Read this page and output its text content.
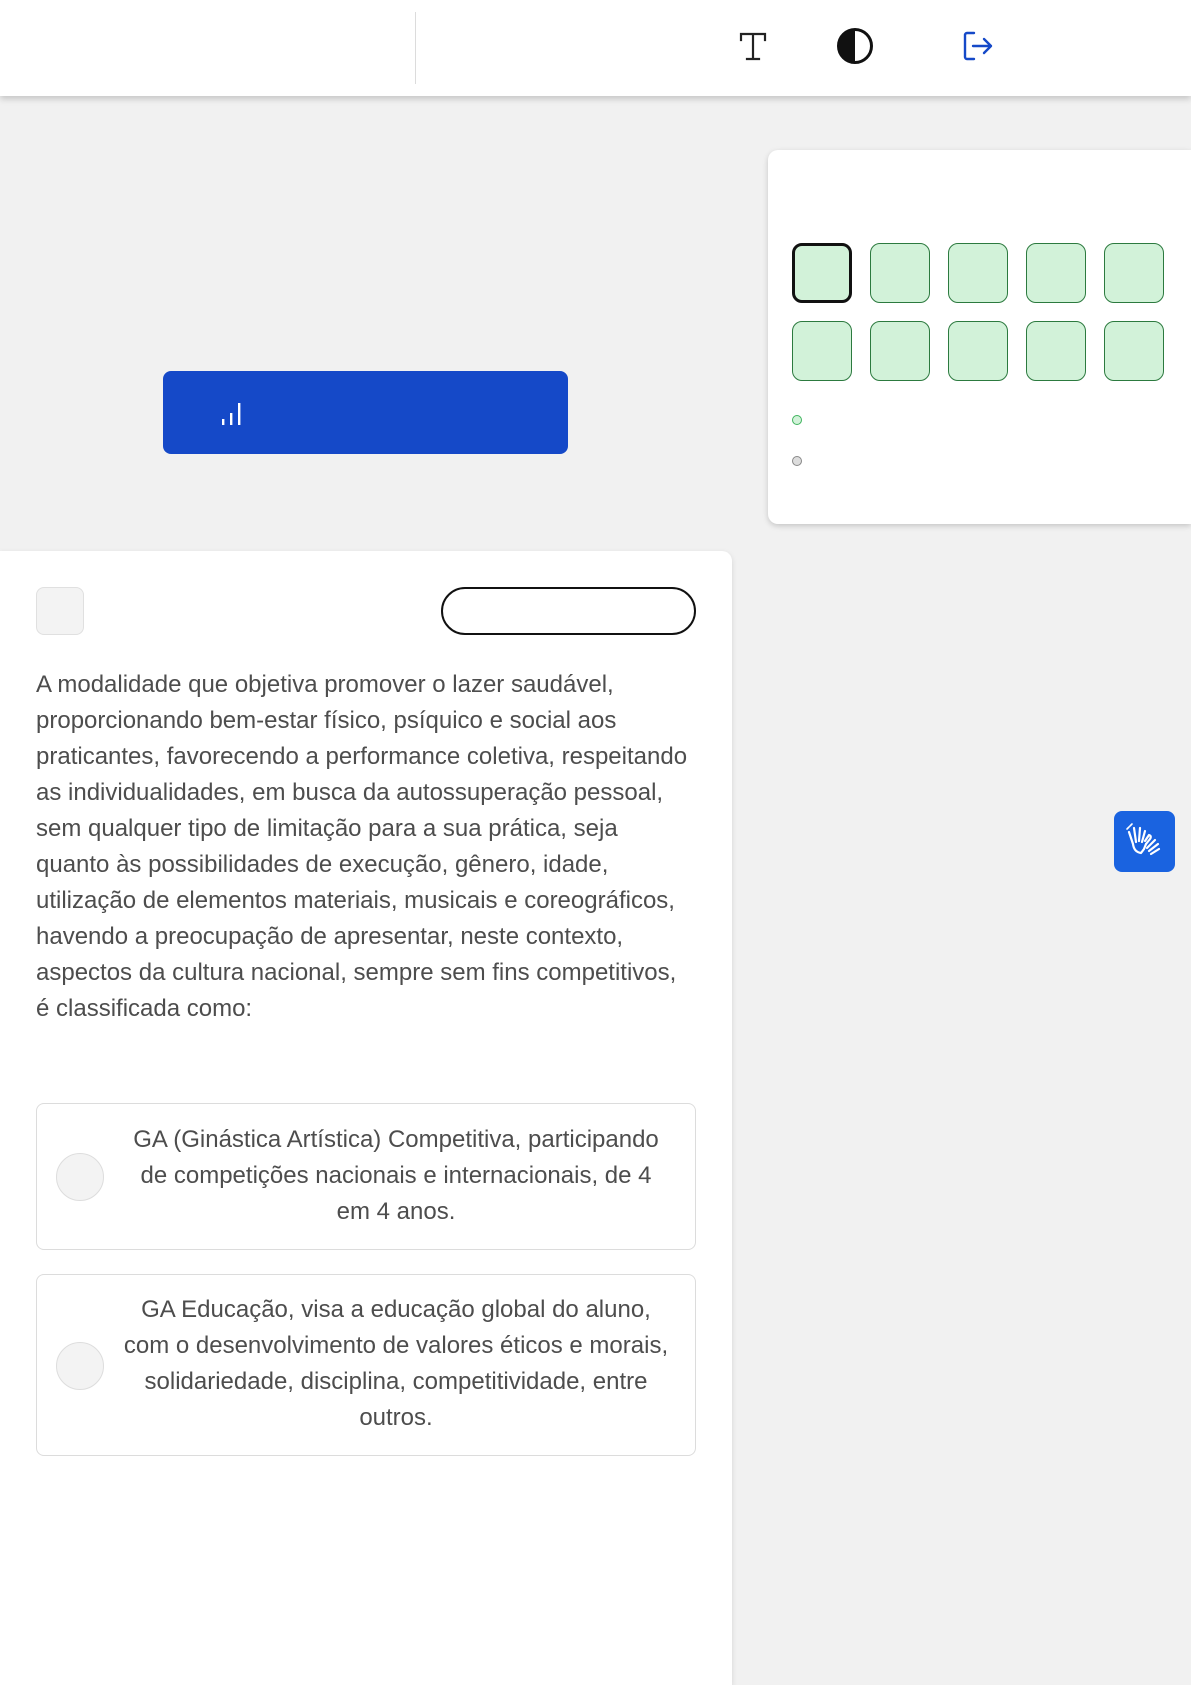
A modalidade que objetiva promover o lazer saudável, proporcionando bem-estar físico, psíquico e social aos praticantes, favorecendo a performance coletiva, respeitando as individualidades, em busca da autossuperação pessoal, sem qualquer tipo de limitação para a sua prática, seja quanto às possibilidades de execução, gênero, idade, utilização de elementos materiais, musicais e coreográficos, havendo a preocupação de apresentar, neste contexto, aspectos da cultura nacional, sempre sem fins competitivos, é classificada como:

GA (Ginástica Artística) Competitiva, participando de competições nacionais e internacionais, de 4 em 4 anos.
GA Educação, visa a educação global do aluno, com o desenvolvimento de valores éticos e morais, solidariedade, disciplina, competitividade, entre outros.
